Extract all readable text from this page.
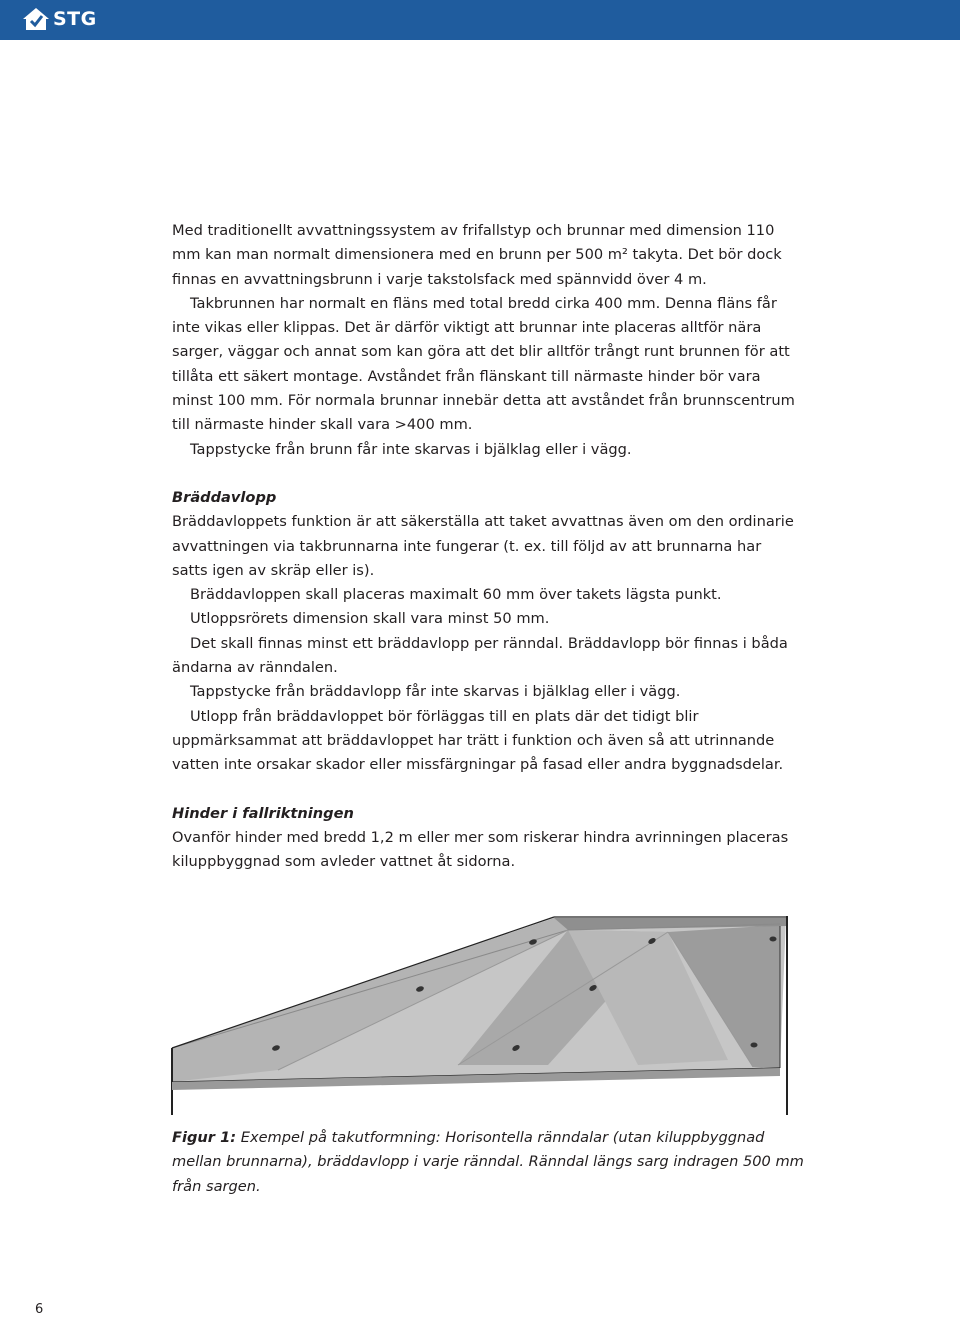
STG

Med traditionellt avvattningssystem av frifallstyp och brunnar med dimension 110 mm kan man normalt dimensionera med en brunn per 500 m² takyta. Det bör dock finnas en avvattningsbrunn i varje takstolsfack med spännvidd över 4 m.

Takbrunnen har normalt en fläns med total bredd cirka 400 mm. Denna fläns får inte vikas eller klippas. Det är därför viktigt att brunnar inte placeras alltför nära sarger, väggar och annat som kan göra att det blir alltför trångt runt brunnen för att tillåta ett säkert montage. Avståndet från flänskant till närmaste hinder bör vara minst 100 mm. För normala brunnar innebär detta att avståndet från brunnscentrum till närmaste hinder skall vara >400 mm.

Tappstycke från brunn får inte skarvas i bjälklag eller i vägg.

Bräddavlopp

Bräddavloppets funktion är att säkerställa att taket avvattnas även om den ordinarie avvattningen via takbrunnarna inte fungerar (t. ex. till följd av att brunnarna har satts igen av skräp eller is).

Bräddavloppen skall placeras maximalt 60 mm över takets lägsta punkt.

Utloppsrörets dimension skall vara minst 50 mm.

Det skall finnas minst ett bräddavlopp per ränndal. Bräddavlopp bör finnas i båda ändarna av ränndalen.

Tappstycke från bräddavlopp får inte skarvas i bjälklag eller i vägg.

Utlopp från bräddavloppet bör förläggas till en plats där det tidigt blir uppmärksammat att bräddavloppet har trätt i funktion och även så att utrinnande vatten inte orsakar skador eller missfärgningar på fasad eller andra byggnadsdelar.

Hinder i fallriktningen

Ovanför hinder med bredd 1,2 m eller mer som riskerar hindra avrinningen placeras kiluppbyggnad som avleder vattnet åt sidorna.

Figur 1: Exempel på takutformning: Horisontella ränndalar (utan kiluppbyggnad mellan brunnarna), bräddavlopp i varje ränndal. Ränndal längs sarg indragen 500 mm från sargen.
6
